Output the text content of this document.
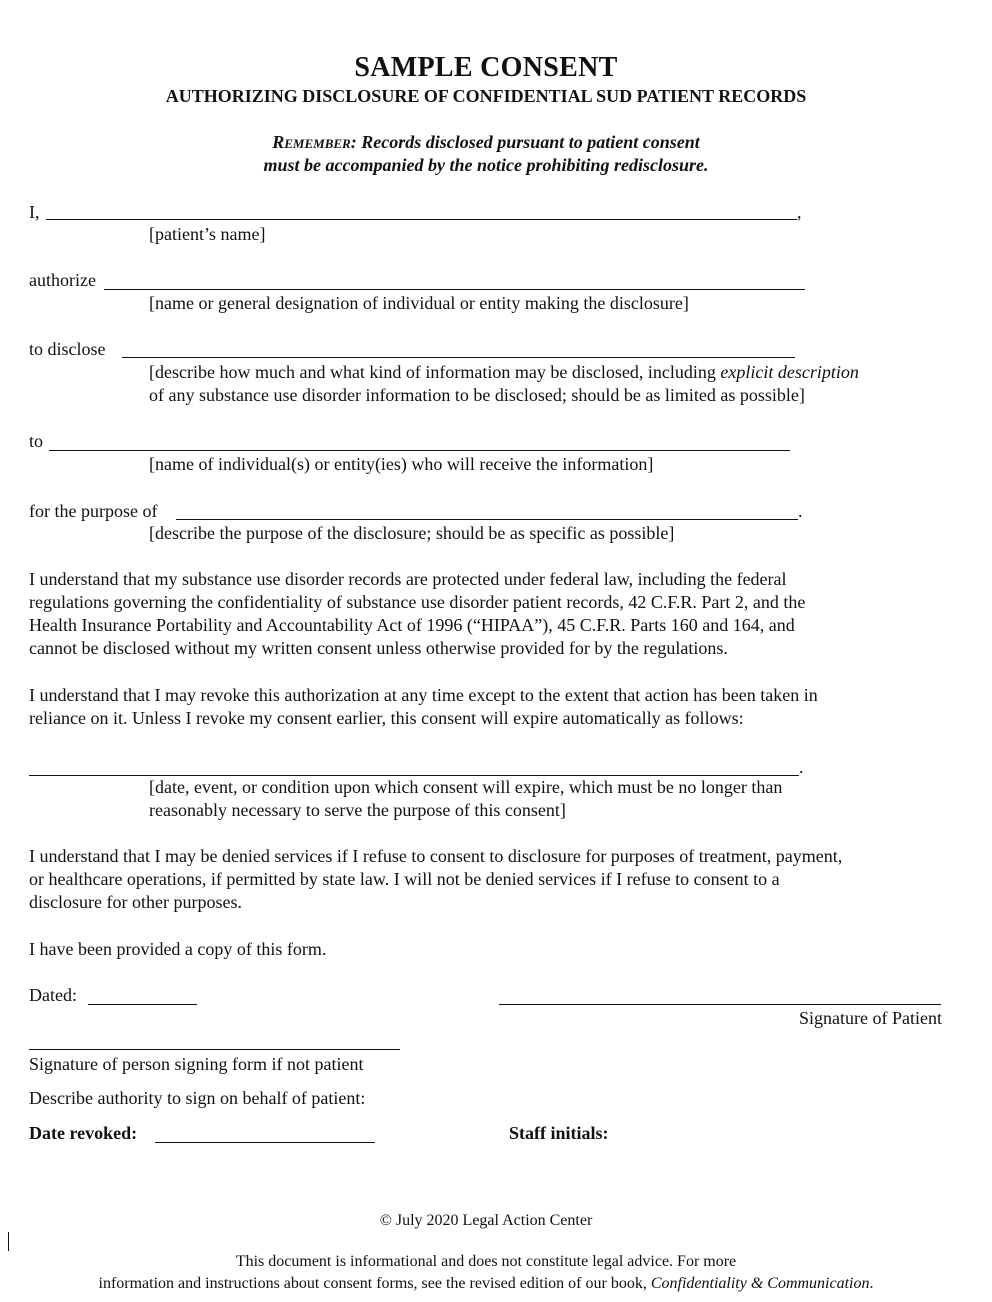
SAMPLE CONSENT
AUTHORIZING DISCLOSURE OF CONFIDENTIAL SUD PATIENT RECORDS
Remember: Records disclosed pursuant to patient consent
must be accompanied by the notice prohibiting redisclosure.
I,	,
[patient’s name]
authorize
[name or general designation of individual or entity making the disclosure]
to disclose
[describe how much and what kind of information may be disclosed, including explicit description
of any substance use disorder information to be disclosed; should be as limited as possible]
to
[name of individual(s) or entity(ies) who will receive the information]
for the purpose of	.
[describe the purpose of the disclosure; should be as specific as possible]
I understand that my substance use disorder records are protected under federal law, including the federal
regulations governing the confidentiality of substance use disorder patient records, 42 C.F.R. Part 2, and the
Health Insurance Portability and Accountability Act of 1996 (“HIPAA”), 45 C.F.R. Parts 160 and 164, and
cannot be disclosed without my written consent unless otherwise provided for by the regulations.
I understand that I may revoke this authorization at any time except to the extent that action has been taken in
reliance on it. Unless I revoke my consent earlier, this consent will expire automatically as follows:
.
[date, event, or condition upon which consent will expire, which must be no longer than
reasonably necessary to serve the purpose of this consent]
I understand that I may be denied services if I refuse to consent to disclosure for purposes of treatment, payment,
or healthcare operations, if permitted by state law. I will not be denied services if I refuse to consent to a
disclosure for other purposes.
I have been provided a copy of this form.
Dated:
Signature of Patient
Signature of person signing form if not patient
Describe authority to sign on behalf of patient:
Date revoked:	Staff initials:
© July 2020 Legal Action Center
This document is informational and does not constitute legal advice. For more
information and instructions about consent forms, see the revised edition of our book, Confidentiality & Communication.
